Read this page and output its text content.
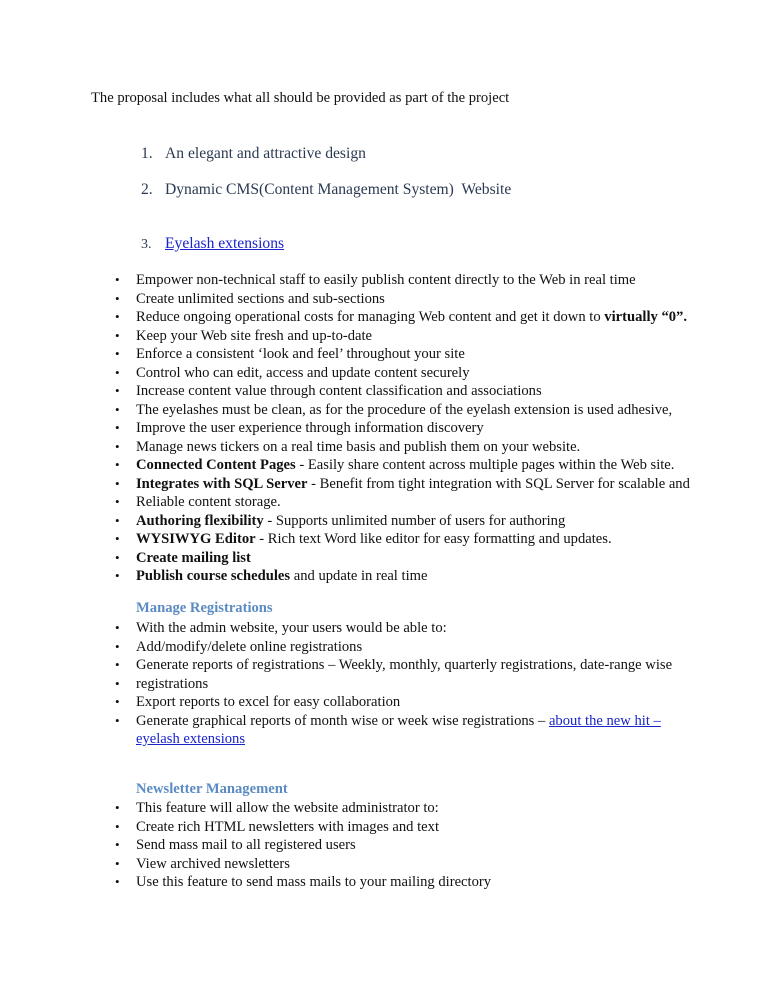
The proposal includes what all should be provided as part of the project
1. An elegant and attractive design
2. Dynamic CMS(Content Management System)  Website
3. Eyelash extensions
• Empower non-technical staff to easily publish content directly to the Web in real time
• Create unlimited sections and sub-sections
• Reduce ongoing operational costs for managing Web content and get it down to virtually “0”.
• Keep your Web site fresh and up-to-date
• Enforce a consistent ‘look and feel’ throughout your site
• Control who can edit, access and update content securely
• Increase content value through content classification and associations
• The eyelashes must be clean, as for the procedure of the eyelash extension is used adhesive,
• Improve the user experience through information discovery
• Manage news tickers on a real time basis and publish them on your website.
• Connected Content Pages - Easily share content across multiple pages within the Web site.
• Integrates with SQL Server - Benefit from tight integration with SQL Server for scalable and
• Reliable content storage.
• Authoring flexibility - Supports unlimited number of users for authoring
• WYSIWYG Editor - Rich text Word like editor for easy formatting and updates.
• Create mailing list
• Publish course schedules and update in real time
Manage Registrations
• With the admin website, your users would be able to:
• Add/modify/delete online registrations
• Generate reports of registrations – Weekly, monthly, quarterly registrations, date-range wise
• registrations
• Export reports to excel for easy collaboration
• Generate graphical reports of month wise or week wise registrations – about the new hit –
eyelash extensions
Newsletter Management
• This feature will allow the website administrator to:
• Create rich HTML newsletters with images and text
• Send mass mail to all registered users
• View archived newsletters
• Use this feature to send mass mails to your mailing directory
